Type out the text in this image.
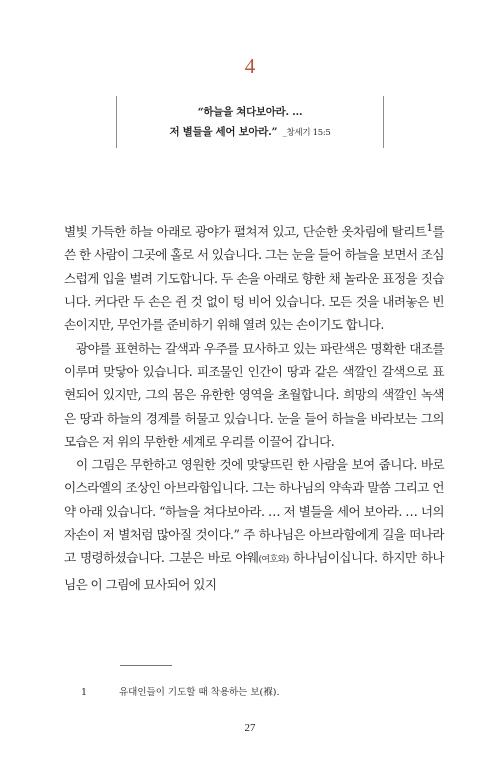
4
“하늘을 쳐다보아라. …
저 별들을 세어 보아라.” _창세기 15:5

별빛 가득한 하늘 아래로 광야가 펼쳐져 있고, 단순한 옷차림에 탈리트$^1$를 쓴 한 사람이 그곳에 홀로 서 있습니다. 그는 눈을 들어 하늘을 보면서 조심스럽게 입을 벌려 기도합니다. 두 손을 아래로 향한 채 놀라운 표정을 짓습니다. 커다란 두 손은 쥔 것 없이 텅 비어 있습니다. 모든 것을 내려놓은 빈손이지만, 무언가를 준비하기 위해 열려 있는 손이기도 합니다.

광야를 표현하는 갈색과 우주를 묘사하고 있는 파란색은 명확한 대조를 이루며 맞닿아 있습니다. 피조물인 인간이 땅과 같은 색깔인 갈색으로 표현되어 있지만, 그의 몸은 유한한 영역을 초월합니다. 희망의 색깔인 녹색은 땅과 하늘의 경계를 허물고 있습니다. 눈을 들어 하늘을 바라보는 그의 모습은 저 위의 무한한 세계로 우리를 이끌어 갑니다.

이 그림은 무한하고 영원한 것에 맞닿뜨린 한 사람을 보여 줍니다. 바로 이스라엘의 조상인 아브라함입니다. 그는 하나님의 약속과 말씀 그리고 언약 아래 있습니다. “하늘을 쳐다보아라. … 저 별들을 세어 보아라. … 너의 자손이 저 별처럼 많아질 것이다.” 주 하나님은 아브라함에게 길을 떠나라고 명령하셨습니다. 그분은 바로 야웨(여호와) 하나님이십니다. 하지만 하나님은 이 그림에 묘사되어 있지

1	유대인들이 기도할 때 착용하는 보(褓).
27
